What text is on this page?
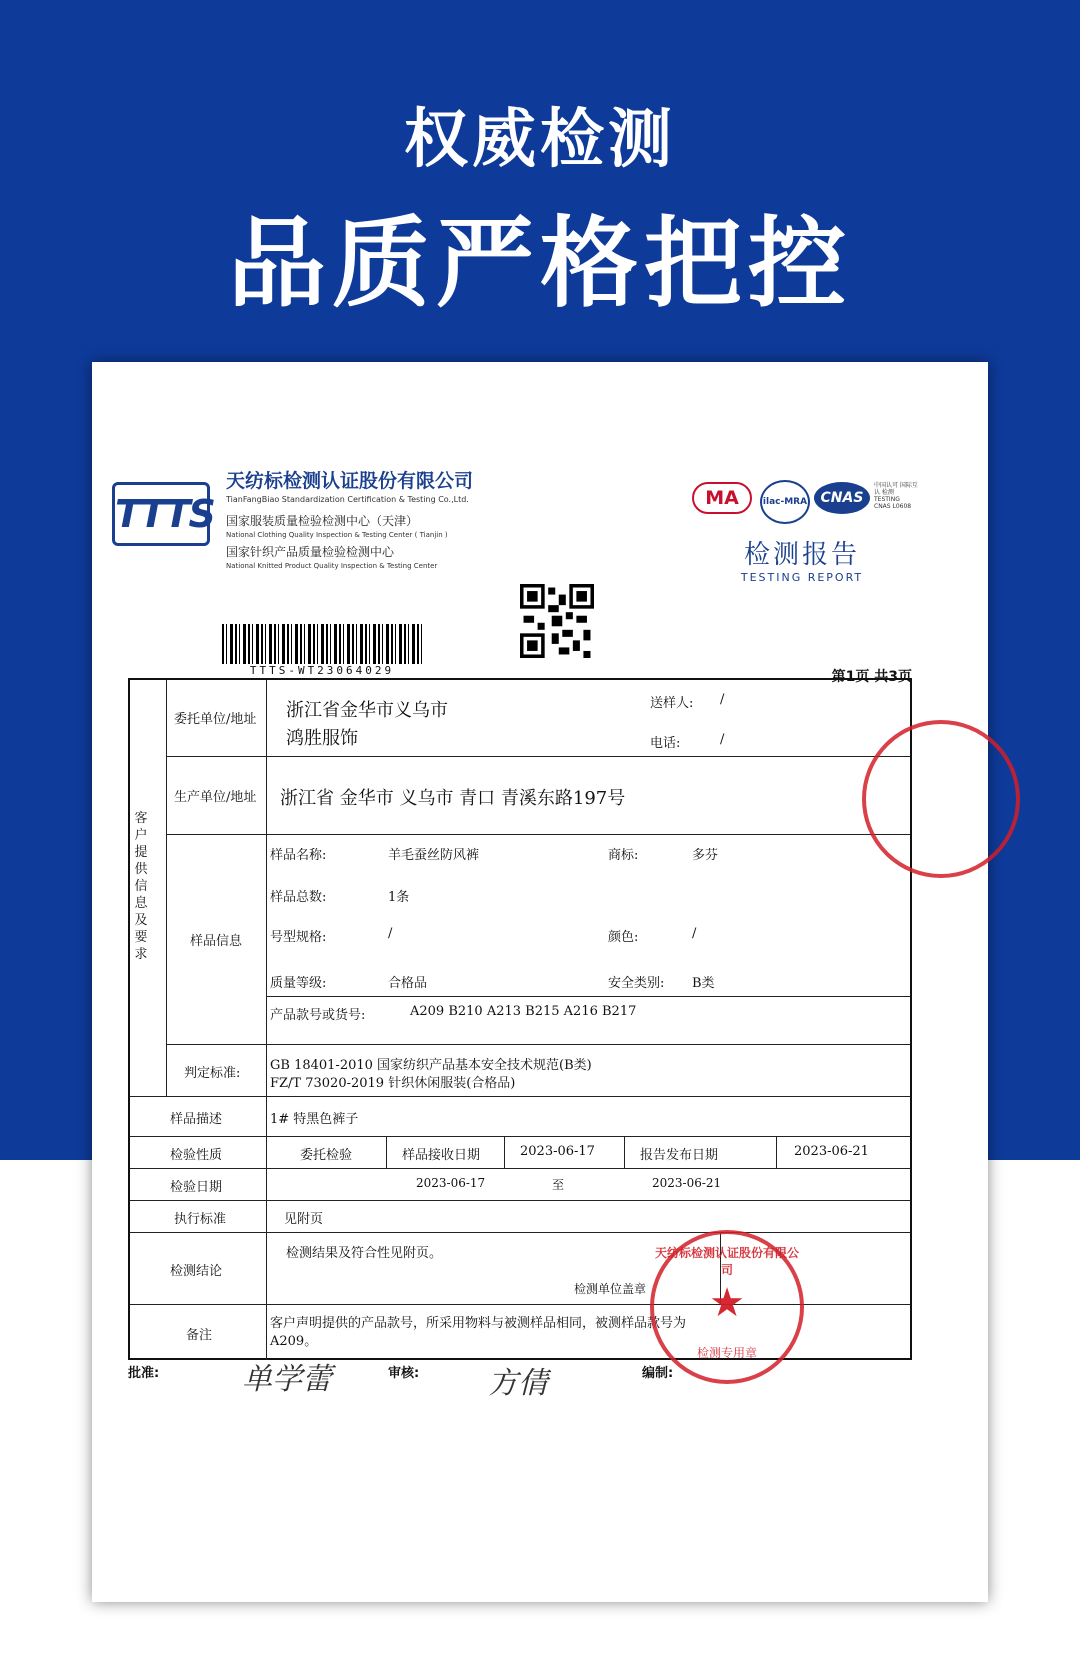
权威检测
品质严格把控
TTTS
天纺标检测认证股份有限公司
TianFangBiao Standardization Certification & Testing Co.,Ltd.
国家服装质量检验检测中心（天津）
National Clothing Quality Inspection & Testing Center ( Tianjin )
国家针织产品质量检验检测中心
National Knitted Product Quality Inspection & Testing Center
MA	ilac-MRA CNAS
中国认可 国际互认 检测 TESTING CNAS L0608
检测报告
TESTING REPORT
TTTS-WT23064029	第1页 共3页
客户提供信息及要求
委托单位/地址 浙江省金华市义乌市
鸿胜服饰
送样人: /
电话:	/
生产单位/地址 浙江省 金华市 义乌市 青口 青溪东路197号
样品信息
样品名称:	羊毛蚕丝防风裤	商标:	多芬
样品总数:	1条
号型规格:	/	颜色:	/
质量等级:	合格品	安全类别: B类
产品款号或货号:	A209 B210 A213 B215 A216 B217
判定标准:
GB 18401-2010 国家纺织产品基本安全技术规范(B类)
FZ/T 73020-2019 针织休闲服装(合格品)
样品描述	1# 特黑色裤子
检验性质	委托检验	样品接收日期	2023-06-17	报告发布日期	2023-06-21
检验日期	2023-06-17	至	2023-06-21
执行标准	见附页
检测结论
检测结果及符合性见附页。
检测单位盖章
备注
客户声明提供的产品款号，所采用物料与被测样品相同，被测样品款号为
A209。
批准:	单学蕾	审核: 方倩	编制:
天纺标检测认证股份有限公司
★
检测专用章
